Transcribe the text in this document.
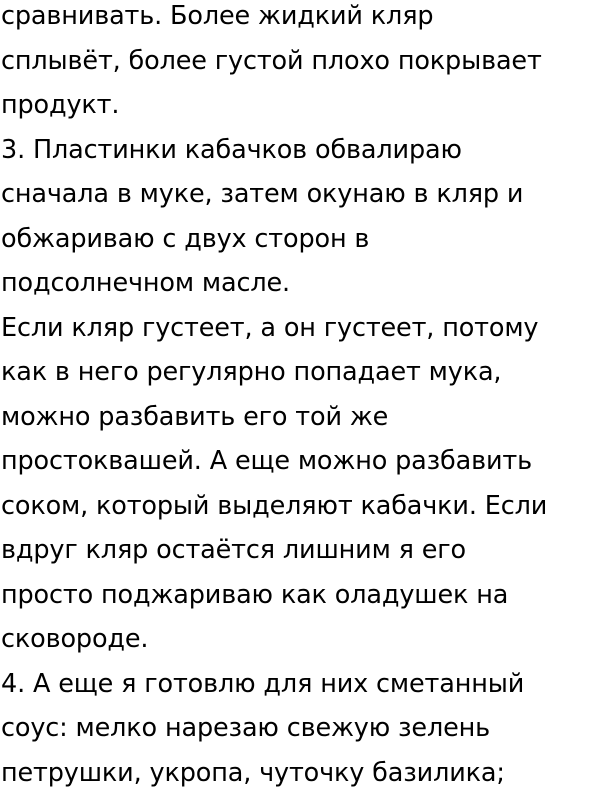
сравнивать. Более жидкий кляр
сплывёт, более густой плохо покрывает
продукт.
3. Пластинки кабачков обвалираю
сначала в муке, затем окунаю в кляр и
обжариваю с двух сторон в
подсолнечном масле.
Если кляр густеет, а он густеет, потому
как в него регулярно попадает мука,
можно разбавить его той же
простоквашей. А еще можно разбавить
соком, который выделяют кабачки. Если
вдруг кляр остаётся лишним я его
просто поджариваю как оладушек на
сковороде.
4. А еще я готовлю для них сметанный
соус: мелко нарезаю свежую зелень
петрушки, укропа, чуточку базилика;
